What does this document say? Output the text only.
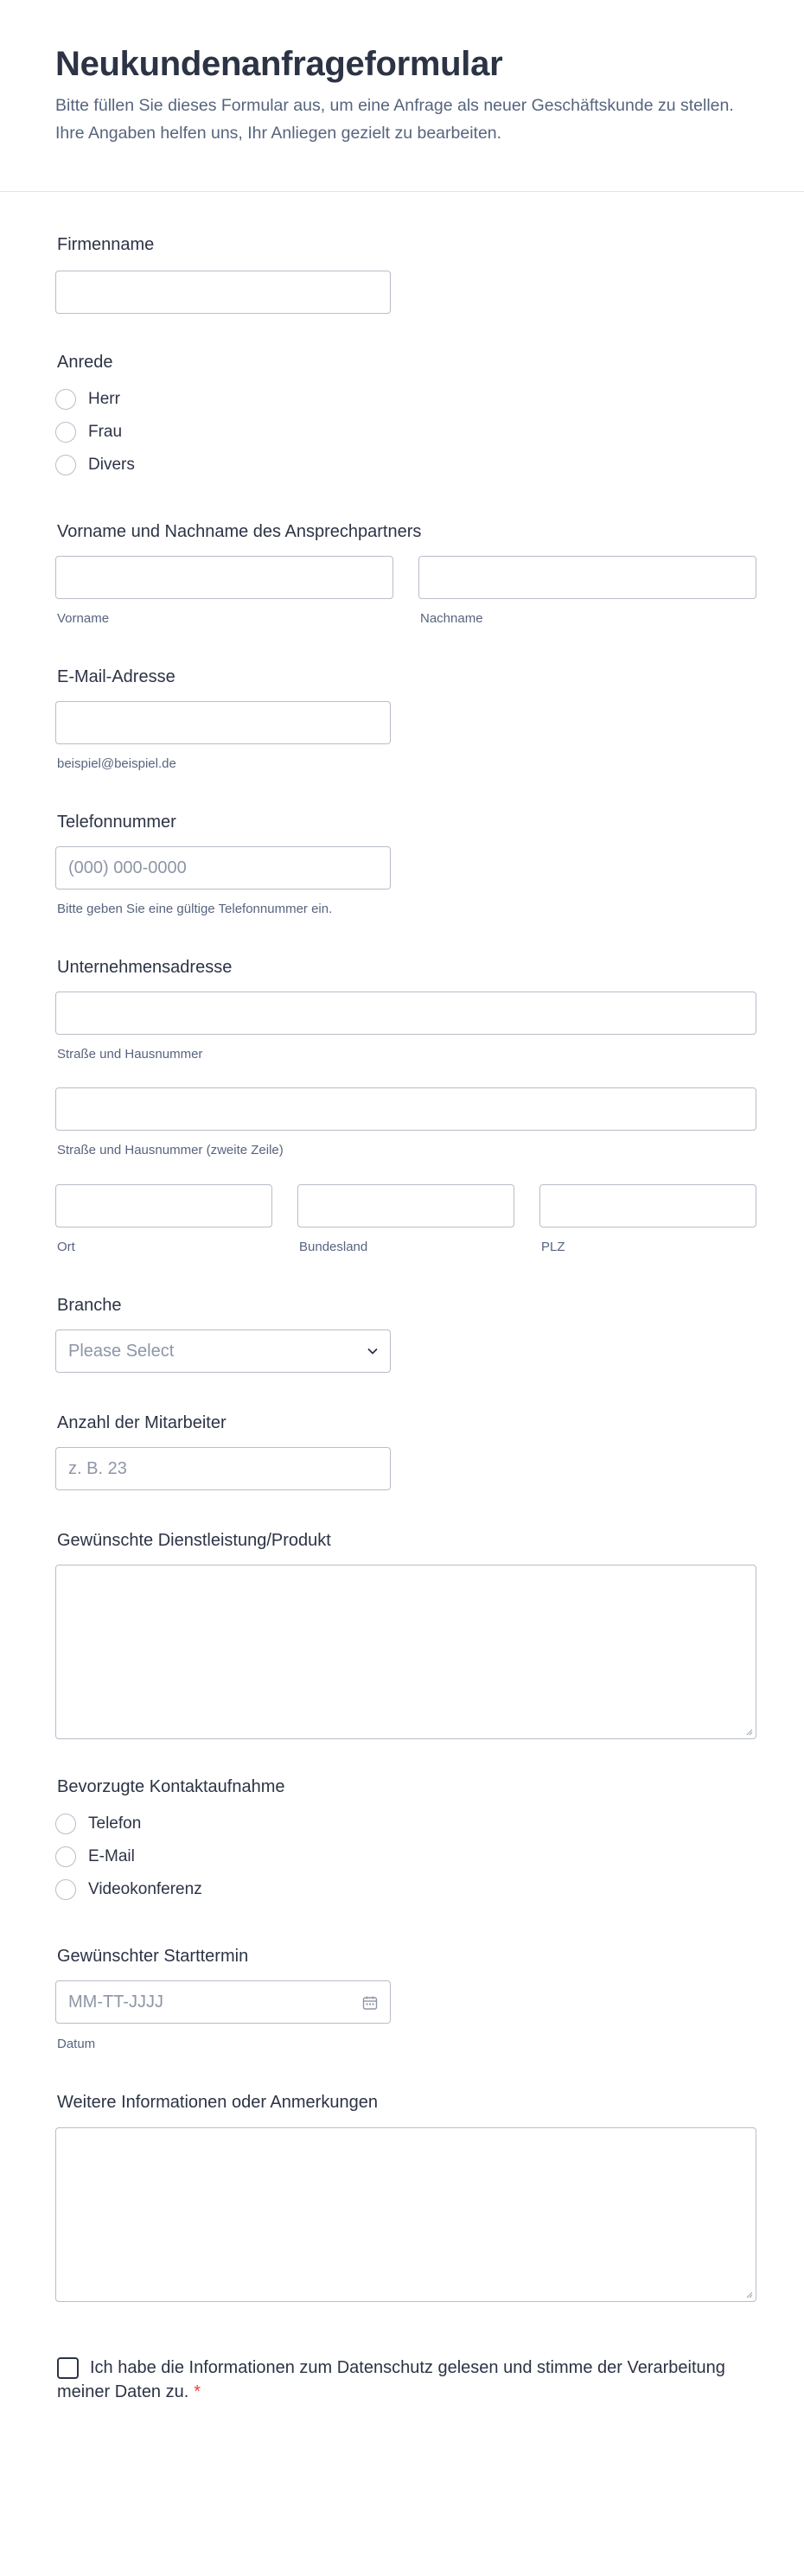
Neukundenanfrageformular
Bitte füllen Sie dieses Formular aus, um eine Anfrage als neuer Geschäftskunde zu stellen. Ihre Angaben helfen uns, Ihr Anliegen gezielt zu bearbeiten.
Firmenname
Anrede
Herr
Frau
Divers
Vorname und Nachname des Ansprechpartners
Vorname	Nachname
E-Mail-Adresse
beispiel@beispiel.de
Telefonnummer
(000) 000-0000
Bitte geben Sie eine gültige Telefonnummer ein.
Unternehmensadresse
Straße und Hausnummer
Straße und Hausnummer (zweite Zeile)
Ort	Bundesland	PLZ
Branche
Please Select
Anzahl der Mitarbeiter
z. B. 23
Gewünschte Dienstleistung/Produkt
Bevorzugte Kontaktaufnahme
Telefon
E-Mail
Videokonferenz
Gewünschter Starttermin
MM-TT-JJJJ
Datum
Weitere Informationen oder Anmerkungen
Ich habe die Informationen zum Datenschutz gelesen und stimme der Verarbeitung meiner Daten zu. *
